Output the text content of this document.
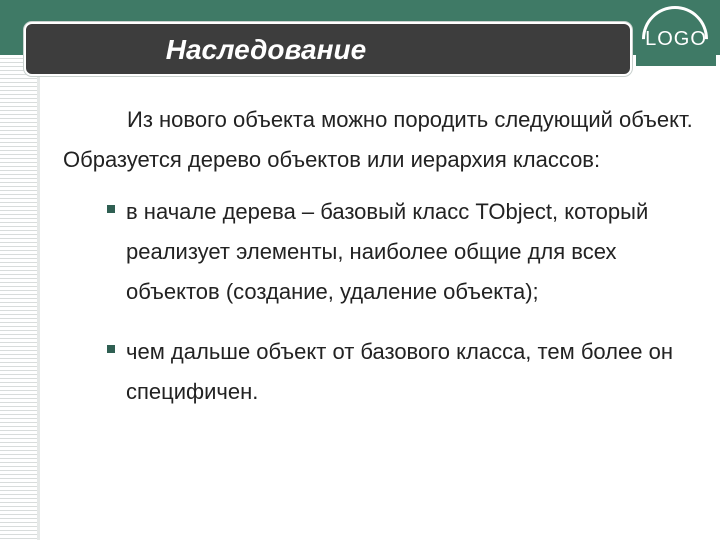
Наследование	LOGO

Из нового объекта можно породить следующий объект. Образуется дерево объектов или иерархия классов:

в начале дерева – базовый класс TObject, который реализует элементы, наиболее общие для всех объектов (создание, удаление объекта);
чем дальше объект от базового класса, тем более он специфичен.
